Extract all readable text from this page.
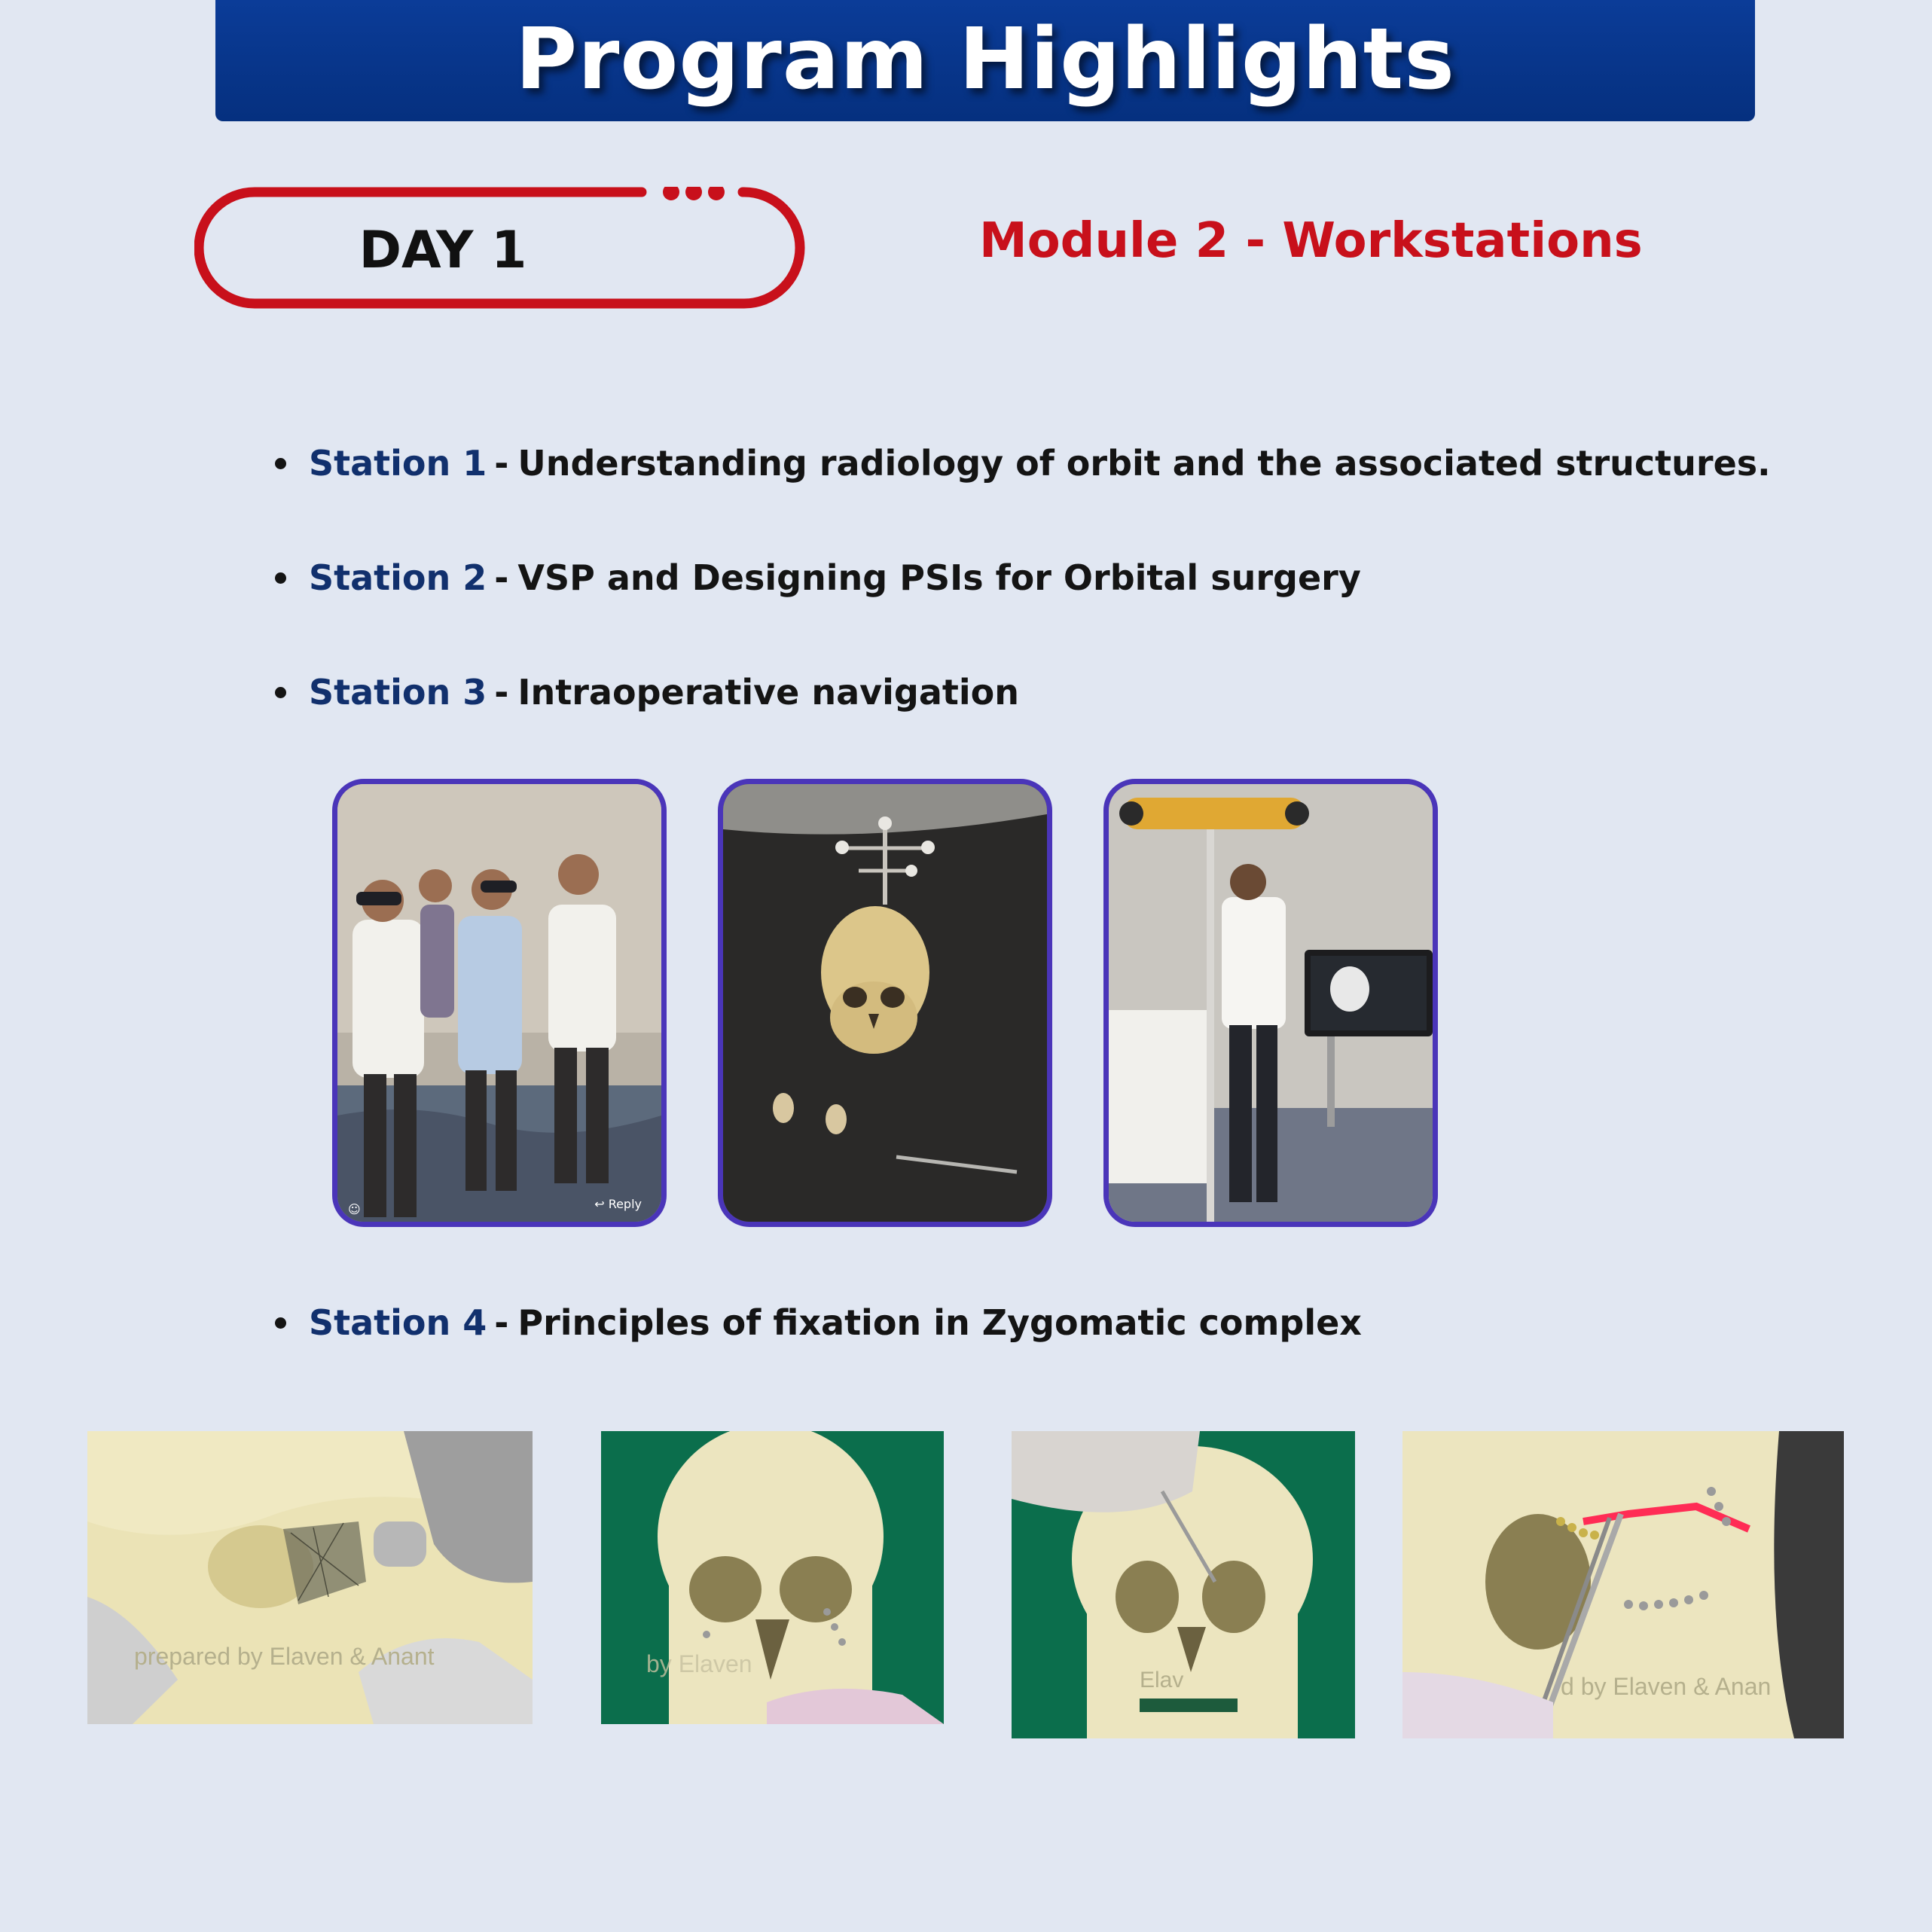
Program Highlights
DAY 1	Module 2 - Workstations
Station 1 - Understanding radiology of orbit and the associated structures.
Station 2 - VSP and Designing PSIs for Orbital surgery
Station 3 - Intraoperative navigation
☺	↩ Reply
Station 4 - Principles of fixation in Zygomatic complex
prepared by Elaven & Anant	by Elaven
Elav	d by Elaven & Anan
